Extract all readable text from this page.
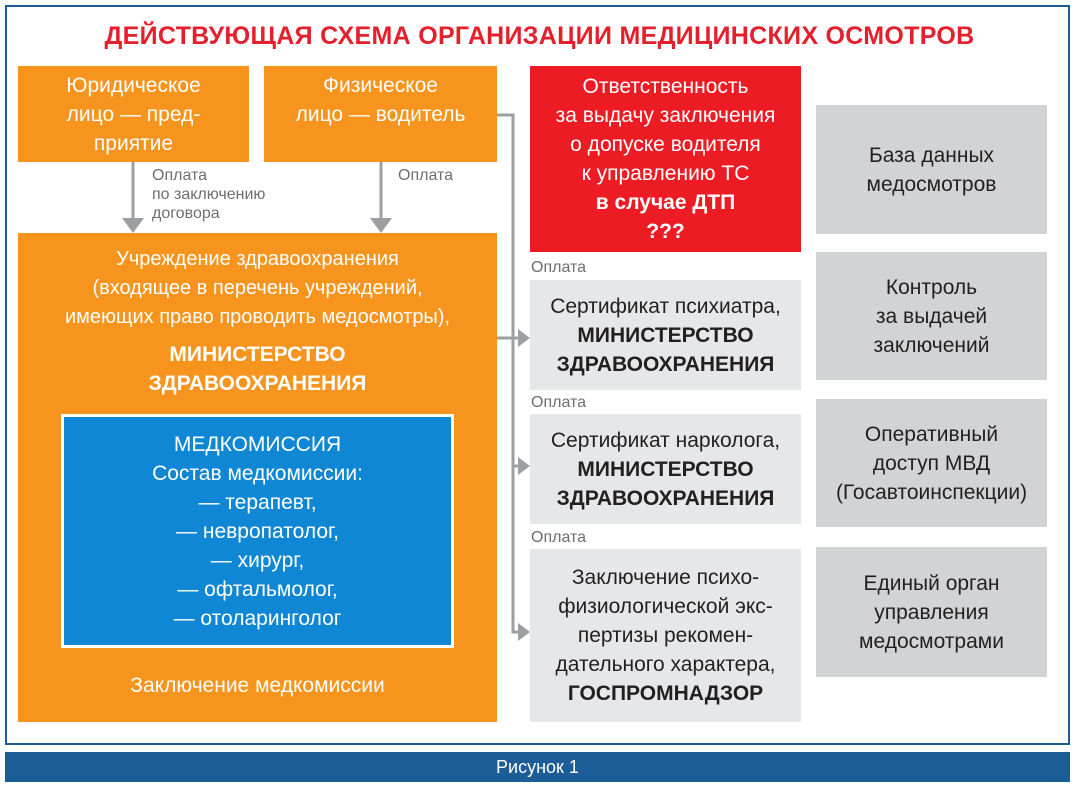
ДЕЙСТВУЮЩАЯ СХЕМА ОРГАНИЗАЦИИ МЕДИЦИНСКИХ ОСМОТРОВ
Юридическое
лицо — пред-
приятие
Физическое
лицо — водитель
Оплата
по заключению
договора
Оплата
Учреждение здравоохранения
(входящее в перечень учреждений,
имеющих право проводить медосмотры),
МИНИСТЕРСТВО
ЗДРАВООХРАНЕНИЯ
Заключение медкомиссии
МЕДКОМИССИЯ
Состав медкомиссии:
— терапевт,
— невропатолог,
— хирург,
— офтальмолог,
— отоларинголог
Ответственность
за выдачу заключения
о допуске водителя
к управлению ТС
в случае ДТП
???
Оплата
Оплата
Оплата
Сертификат психиатра,
МИНИСТЕРСТВО
ЗДРАВООХРАНЕНИЯ
Сертификат нарколога,
МИНИСТЕРСТВО
ЗДРАВООХРАНЕНИЯ
Заключение психо-
физиологической экс-
пертизы рекомен-
дательного характера,
ГОСПРОМНАДЗОР
База данных
медосмотров
Контроль
за выдачей
заключений
Оперативный
доступ МВД
(Госавтоинспекции)
Единый орган
управления
медосмотрами
Рисунок 1
